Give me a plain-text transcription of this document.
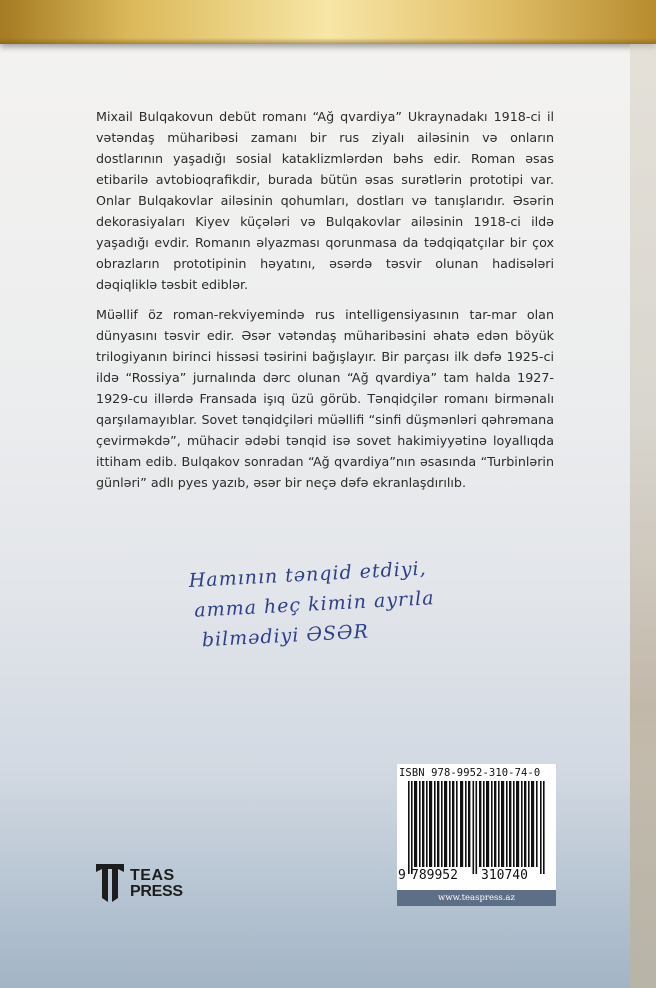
Mixail Bulqakovun debüt romanı “Ağ qvardiya” Ukraynadakı 1918-ci il vətəndaş müharibəsi zamanı bir rus ziyalı ailəsinin və onların dostlarının yaşadığı sosial kataklizmlərdən bəhs edir. Roman əsas etibarilə avtobioqrafikdir, burada bütün əsas surətlərin prototipi var. Onlar Bulqakovlar ailəsinin qohumları, dostları və tanışlarıdır. Əsərin dekorasiyaları Kiyev küçələri və Bulqakovlar ailəsinin 1918-ci ildə yaşadığı evdir. Romanın əlyazması qorunmasa da tədqiqatçılar bir çox obrazların prototipinin həyatını, əsərdə təsvir olunan hadisələri dəqiqliklə təsbit ediblər.

Müəllif öz roman-rekviyemində rus intelligensiyasının tar-mar olan dünyasını təsvir edir. Əsər vətəndaş müharibəsini əhatə edən böyük trilogiyanın birinci hissəsi təsirini bağışlayır. Bir parçası ilk dəfə 1925-ci ildə “Rossiya” jurnalında dərc olunan “Ağ qvardiya” tam halda 1927-1929-cu illərdə Fransada işıq üzü görüb. Tənqidçilər romanı birmənalı qarşılamayıblar. Sovet tənqidçiləri müəllifi “sinfi düşmənləri qəhrəmana çevirməkdə”, mühacir ədəbi tənqid isə sovet hakimiyyətinə loyallıqda ittiham edib. Bulqakov sonradan “Ağ qvardiya”nın əsasında “Turbinlərin günləri” adlı pyes yazıb, əsər bir neçə dəfə ekranlaşdırılıb.

Hamının tənqid etdiyi,
amma heç kimin ayrıla
bilmədiyi ƏSƏR
TEAS
PRESS
ISBN 978-9952-310-74-0
9 789952 310740
www.teaspress.az
